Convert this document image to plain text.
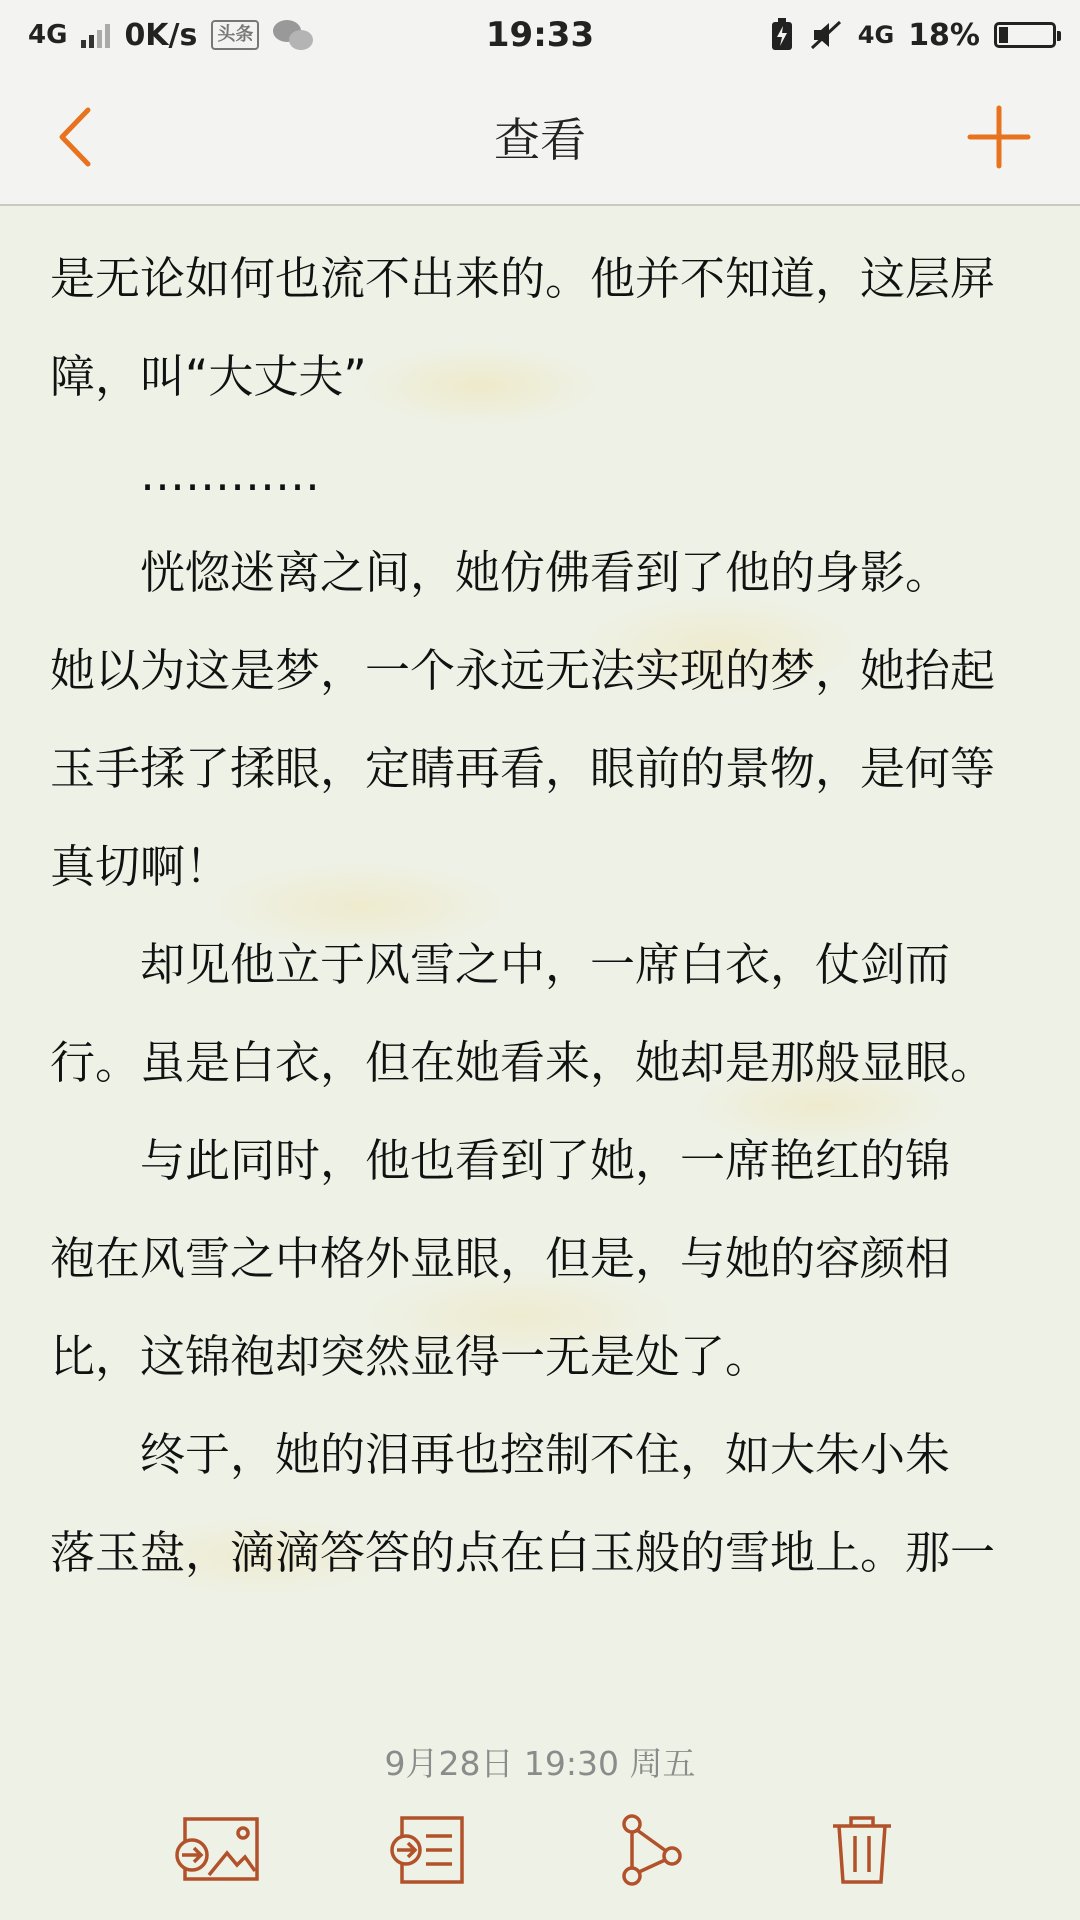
4G 0K/s	头条	19:33	4G 18%
查看
是无论如何也流不出来的。他并不知道，这层屏
障，叫“大丈夫”
　　…………
　　恍惚迷离之间，她仿佛看到了他的身影。
她以为这是梦，一个永远无法实现的梦，她抬起
玉手揉了揉眼，定睛再看，眼前的景物，是何等
真切啊！
　　却见他立于风雪之中，一席白衣，仗剑而
行。虽是白衣，但在她看来，她却是那般显眼。
　　与此同时，他也看到了她，一席艳红的锦
袍在风雪之中格外显眼，但是，与她的容颜相
比，这锦袍却突然显得一无是处了。
　　终于，她的泪再也控制不住，如大朱小朱
落玉盘，滴滴答答的点在白玉般的雪地上。那一
9月28日 19:30 周五
